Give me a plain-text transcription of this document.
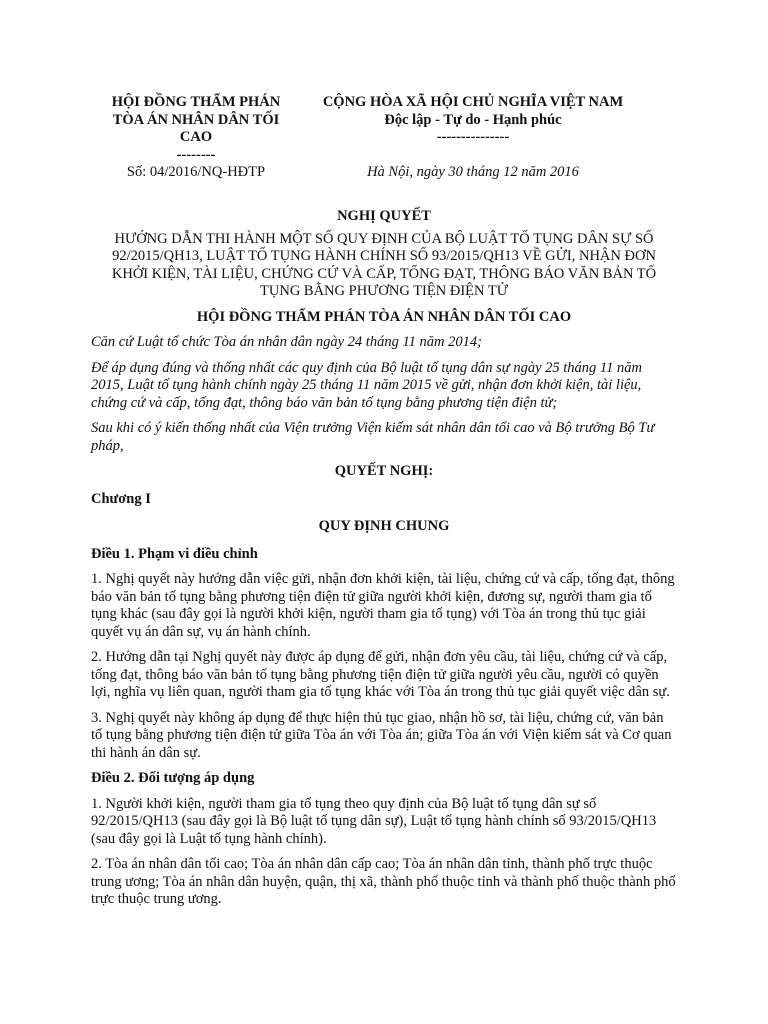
HỘI ĐỒNG THẨM PHÁN
TÒA ÁN NHÂN DÂN TỐI
CAO
--------
Số: 04/2016/NQ-HĐTP
CỘNG HÒA XÃ HỘI CHỦ NGHĨA VIỆT NAM
Độc lập - Tự do - Hạnh phúc
---------------
Hà Nội, ngày 30 tháng 12 năm 2016

NGHỊ QUYẾT

HƯỚNG DẪN THI HÀNH MỘT SỐ QUY ĐỊNH CỦA BỘ LUẬT TỐ TỤNG DÂN SỰ SỐ 92/2015/QH13, LUẬT TỐ TỤNG HÀNH CHÍNH SỐ 93/2015/QH13 VỀ GỬI, NHẬN ĐƠN KHỞI KIỆN, TÀI LIỆU, CHỨNG CỨ VÀ CẤP, TỐNG ĐẠT, THÔNG BÁO VĂN BẢN TỐ TỤNG BẰNG PHƯƠNG TIỆN ĐIỆN TỬ

HỘI ĐỒNG THẨM PHÁN TÒA ÁN NHÂN DÂN TỐI CAO

Căn cứ Luật tổ chức Tòa án nhân dân ngày 24 tháng 11 năm 2014;

Để áp dụng đúng và thống nhất các quy định của Bộ luật tố tụng dân sự ngày 25 tháng 11 năm 2015, Luật tố tụng hành chính ngày 25 tháng 11 năm 2015 về gửi, nhận đơn khởi kiện, tài liệu, chứng cứ và cấp, tống đạt, thông báo văn bản tố tụng bằng phương tiện điện tử;

Sau khi có ý kiến thống nhất của Viện trưởng Viện kiểm sát nhân dân tối cao và Bộ trưởng Bộ Tư pháp,

QUYẾT NGHỊ:

Chương I

QUY ĐỊNH CHUNG

Điều 1. Phạm vi điều chỉnh

1. Nghị quyết này hướng dẫn việc gửi, nhận đơn khởi kiện, tài liệu, chứng cứ và cấp, tống đạt, thông báo văn bản tố tụng bằng phương tiện điện tử giữa người khởi kiện, đương sự, người tham gia tố tụng khác (sau đây gọi là người khởi kiện, người tham gia tố tụng) với Tòa án trong thủ tục giải quyết vụ án dân sự, vụ án hành chính.

2. Hướng dẫn tại Nghị quyết này được áp dụng để gửi, nhận đơn yêu cầu, tài liệu, chứng cứ và cấp, tống đạt, thông báo văn bản tố tụng bằng phương tiện điện tử giữa người yêu cầu, người có quyền lợi, nghĩa vụ liên quan, người tham gia tố tụng khác với Tòa án trong thủ tục giải quyết việc dân sự.

3. Nghị quyết này không áp dụng để thực hiện thủ tục giao, nhận hồ sơ, tài liệu, chứng cứ, văn bản tố tụng bằng phương tiện điện tử giữa Tòa án với Tòa án; giữa Tòa án với Viện kiểm sát và Cơ quan thi hành án dân sự.

Điều 2. Đối tượng áp dụng

1. Người khởi kiện, người tham gia tố tụng theo quy định của Bộ luật tố tụng dân sự số 92/2015/QH13 (sau đây gọi là Bộ luật tố tụng dân sự), Luật tố tụng hành chính số 93/2015/QH13 (sau đây gọi là Luật tố tụng hành chính).

2. Tòa án nhân dân tối cao; Tòa án nhân dân cấp cao; Tòa án nhân dân tỉnh, thành phố trực thuộc trung ương; Tòa án nhân dân huyện, quận, thị xã, thành phố thuộc tỉnh và thành phố thuộc thành phố trực thuộc trung ương.
